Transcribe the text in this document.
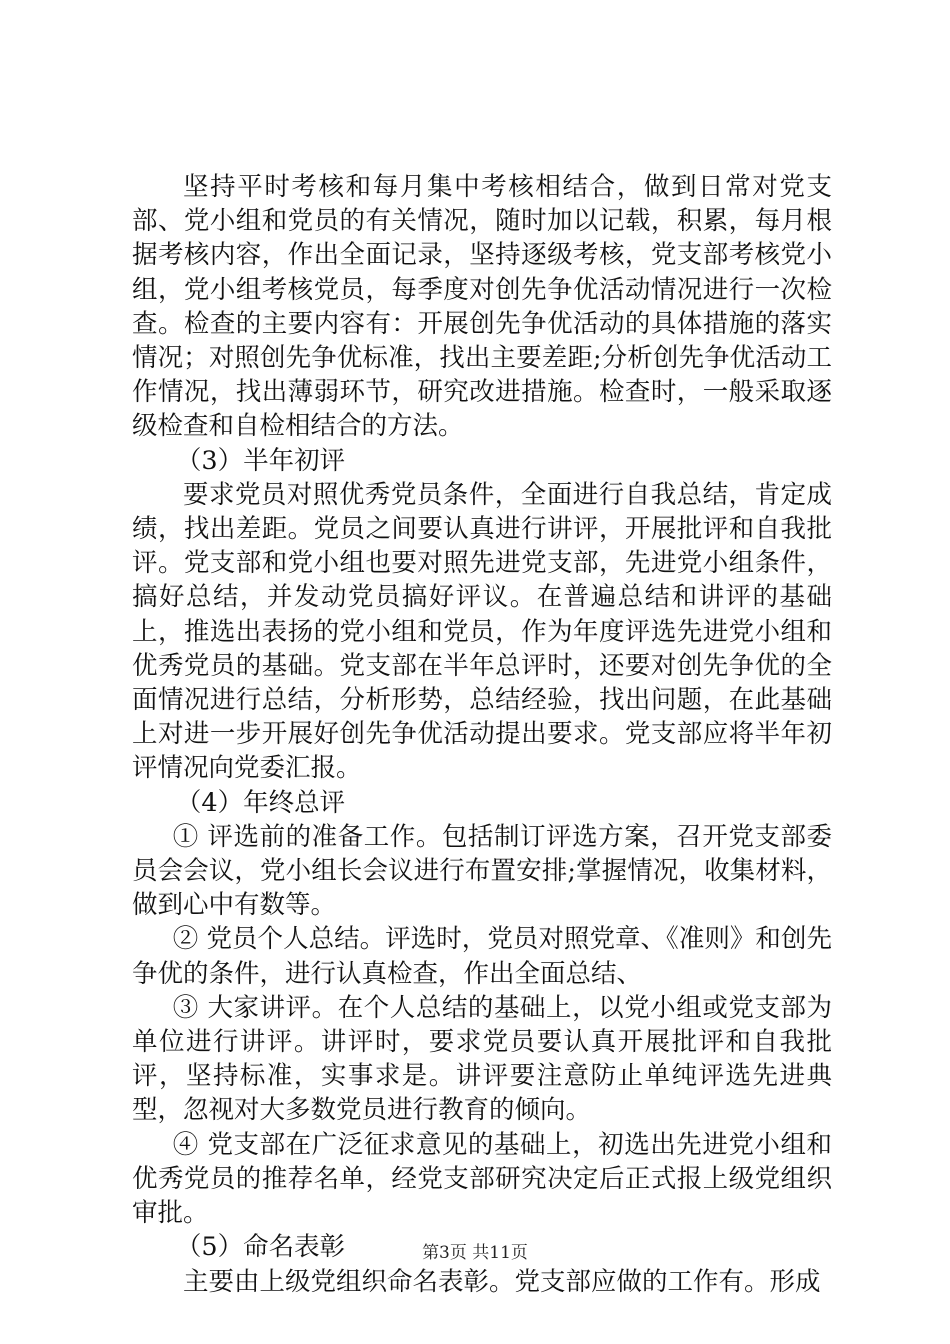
坚持平时考核和每月集中考核相结合，做到日常对党支部、党小组和党员的有关情况，随时加以记载，积累，每月根据考核内容，作出全面记录，坚持逐级考核，党支部考核党小组，党小组考核党员，每季度对创先争优活动情况进行一次检查。检查的主要内容有：开展创先争优活动的具体措施的落实情况；对照创先争优标准，找出主要差距;分析创先争优活动工作情况，找出薄弱环节，研究改进措施。检查时，一般采取逐级检查和自检相结合的方法。

（3）半年初评

要求党员对照优秀党员条件，全面进行自我总结，肯定成绩，找出差距。党员之间要认真进行讲评，开展批评和自我批评。党支部和党小组也要对照先进党支部，先进党小组条件，搞好总结，并发动党员搞好评议。在普遍总结和讲评的基础上，推选出表扬的党小组和党员，作为年度评选先进党小组和优秀党员的基础。党支部在半年总评时，还要对创先争优的全面情况进行总结，分析形势，总结经验，找出问题，在此基础上对进一步开展好创先争优活动提出要求。党支部应将半年初评情况向党委汇报。

（4）年终总评

① 评选前的准备工作。包括制订评选方案，召开党支部委员会会议，党小组长会议进行布置安排;掌握情况，收集材料，做到心中有数等。

② 党员个人总结。评选时，党员对照党章、《准则》和创先争优的条件，进行认真检查，作出全面总结、

③ 大家讲评。在个人总结的基础上，以党小组或党支部为单位进行讲评。讲评时，要求党员要认真开展批评和自我批评，坚持标准，实事求是。讲评要注意防止单纯评选先进典型，忽视对大多数党员进行教育的倾向。

④ 党支部在广泛征求意见的基础上，初选出先进党小组和优秀党员的推荐名单，经党支部研究决定后正式报上级党组织审批。

（5）命名表彰

主要由上级党组织命名表彰。党支部应做的工作有。形成

第3页 共11页
